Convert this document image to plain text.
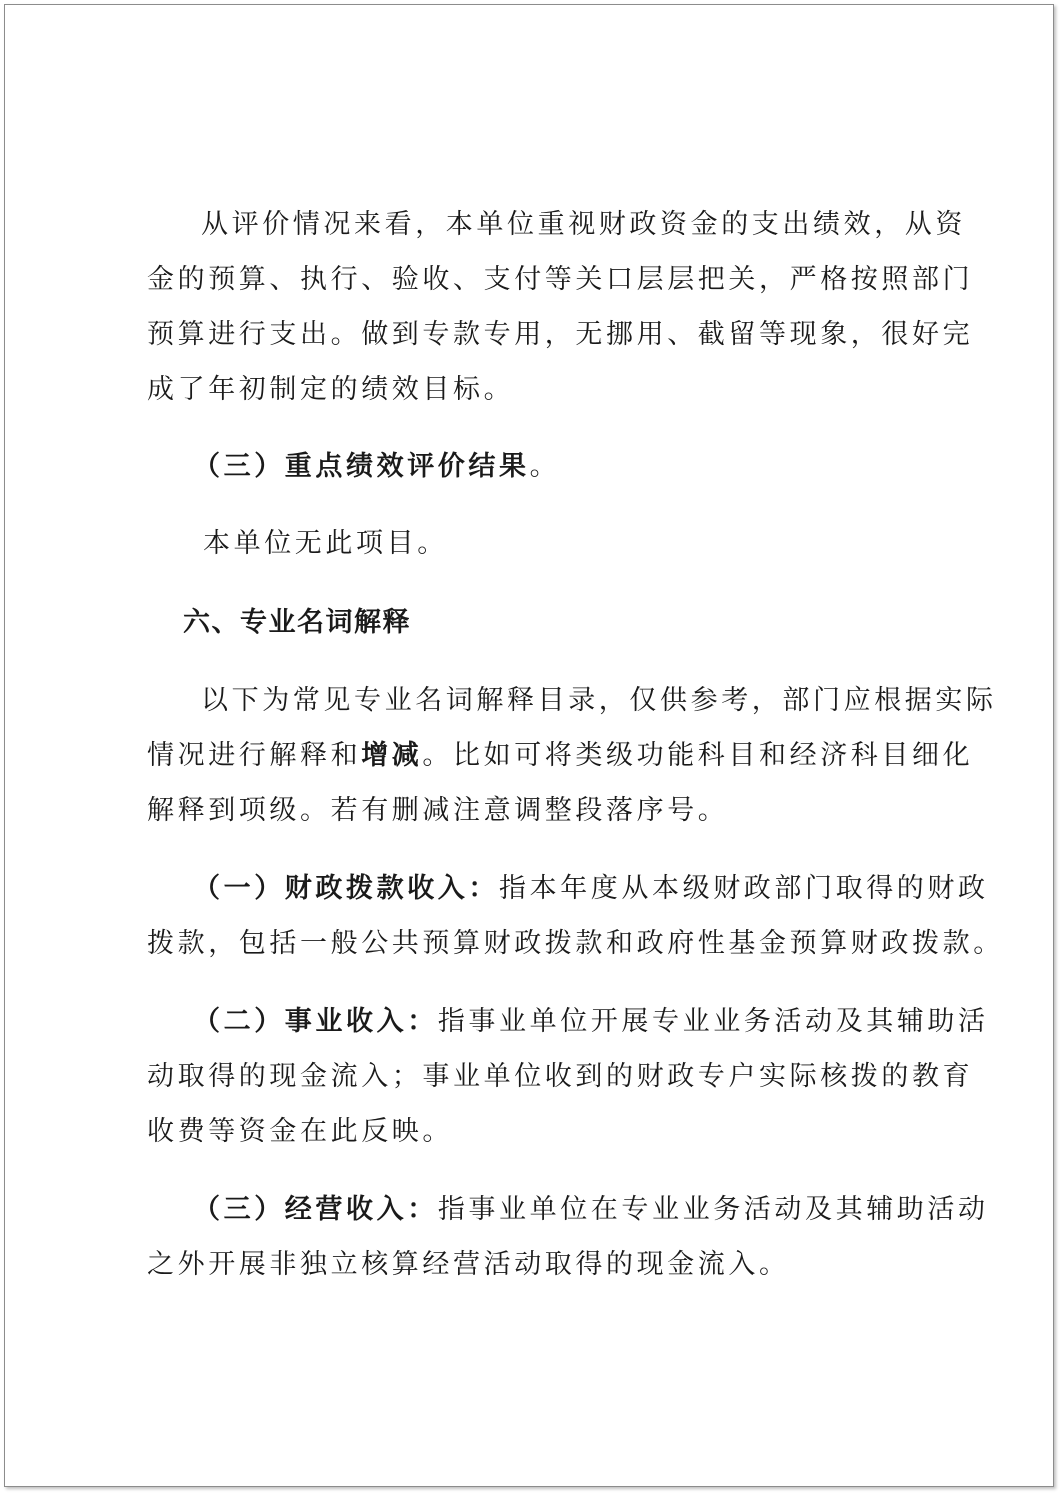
从评价情况来看，本单位重视财政资金的支出绩效，从资

金的预算、执行、验收、支付等关口层层把关，严格按照部门

预算进行支出。做到专款专用，无挪用、截留等现象，很好完

成了年初制定的绩效目标。

（三）重点绩效评价结果。

本单位无此项目。

六、专业名词解释

以下为常见专业名词解释目录，仅供参考，部门应根据实际

情况进行解释和增减。比如可将类级功能科目和经济科目细化

解释到项级。若有删减注意调整段落序号。

（一）财政拨款收入：指本年度从本级财政部门取得的财政

拨款，包括一般公共预算财政拨款和政府性基金预算财政拨款。

（二）事业收入：指事业单位开展专业业务活动及其辅助活

动取得的现金流入；事业单位收到的财政专户实际核拨的教育

收费等资金在此反映。

（三）经营收入：指事业单位在专业业务活动及其辅助活动

之外开展非独立核算经营活动取得的现金流入。
